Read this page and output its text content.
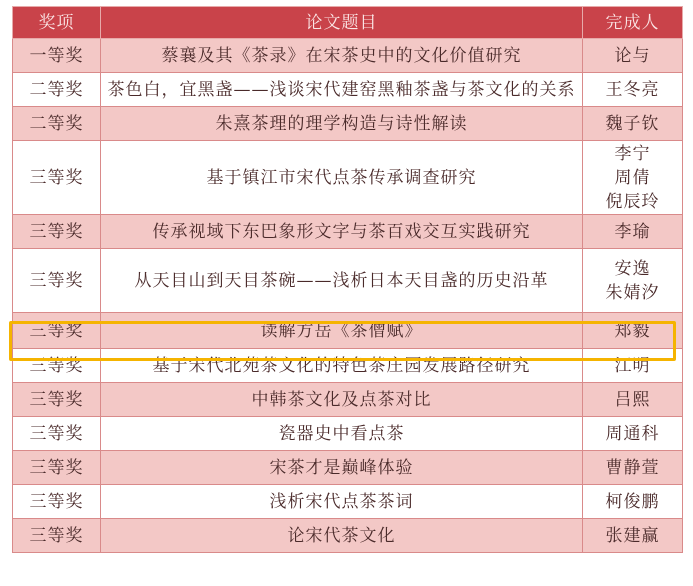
奖项	论文题目	完成人
一等奖	蔡襄及其《茶录》在宋茶史中的文化价值研究	论与

二等奖	茶色白，宜黑盏——浅谈宋代建窑黑釉茶盏与茶文化的关系	王冬亮

二等奖	朱熹茶理的理学构造与诗性解读	魏子钦

三等奖	基于镇江市宋代点茶传承调查研究	李宁
周倩
倪辰玲

三等奖	传承视域下东巴象形文字与茶百戏交互实践研究	李瑜

三等奖	从天目山到天目茶碗——浅析日本天目盏的历史沿革	安逸
朱婧汐

三等奖	读解方岳《茶僧赋》	郑毅

三等奖	基于宋代北苑茶文化的特色茶庄园发展路径研究	江明

三等奖	中韩茶文化及点茶对比	吕熙

三等奖	瓷器史中看点茶	周通科

三等奖	宋茶才是巅峰体验	曹静萱

三等奖	浅析宋代点茶茶词	柯俊鹏

三等奖	论宋代茶文化	张建赢
